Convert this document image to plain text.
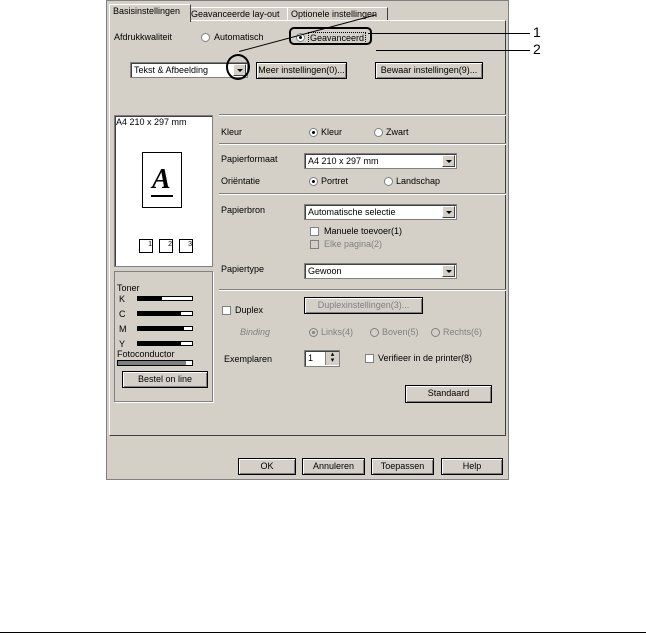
Basisinstellingen	Geavanceerde lay-out	Optionele instellingen
Afdrukkwaliteit	Automatisch	Geavanceerd
Tekst & Afbeelding	Meer instellingen(0)...	Bewaar instellingen(9)...
A4 210 x 297 mm
A
1	2	3
Toner
K
C
M
Y
Fotoconductor
Bestel on line
Kleur	Kleur	Zwart
Papierformaat	A4 210 x 297 mm
Oriëntatie	Portret	Landschap
Papierbron	Automatische selectie
Manuele toevoer(1)
Elke pagina(2)
Papiertype	Gewoon
Duplex	Duplexinstellingen(3)...
Binding	Links(4)	Boven(5)	Rechts(6)
Exemplaren	1	▴
▾	Verifieer in de printer(8)
Standaard
OK	Annuleren	Toepassen	Help
1
2
